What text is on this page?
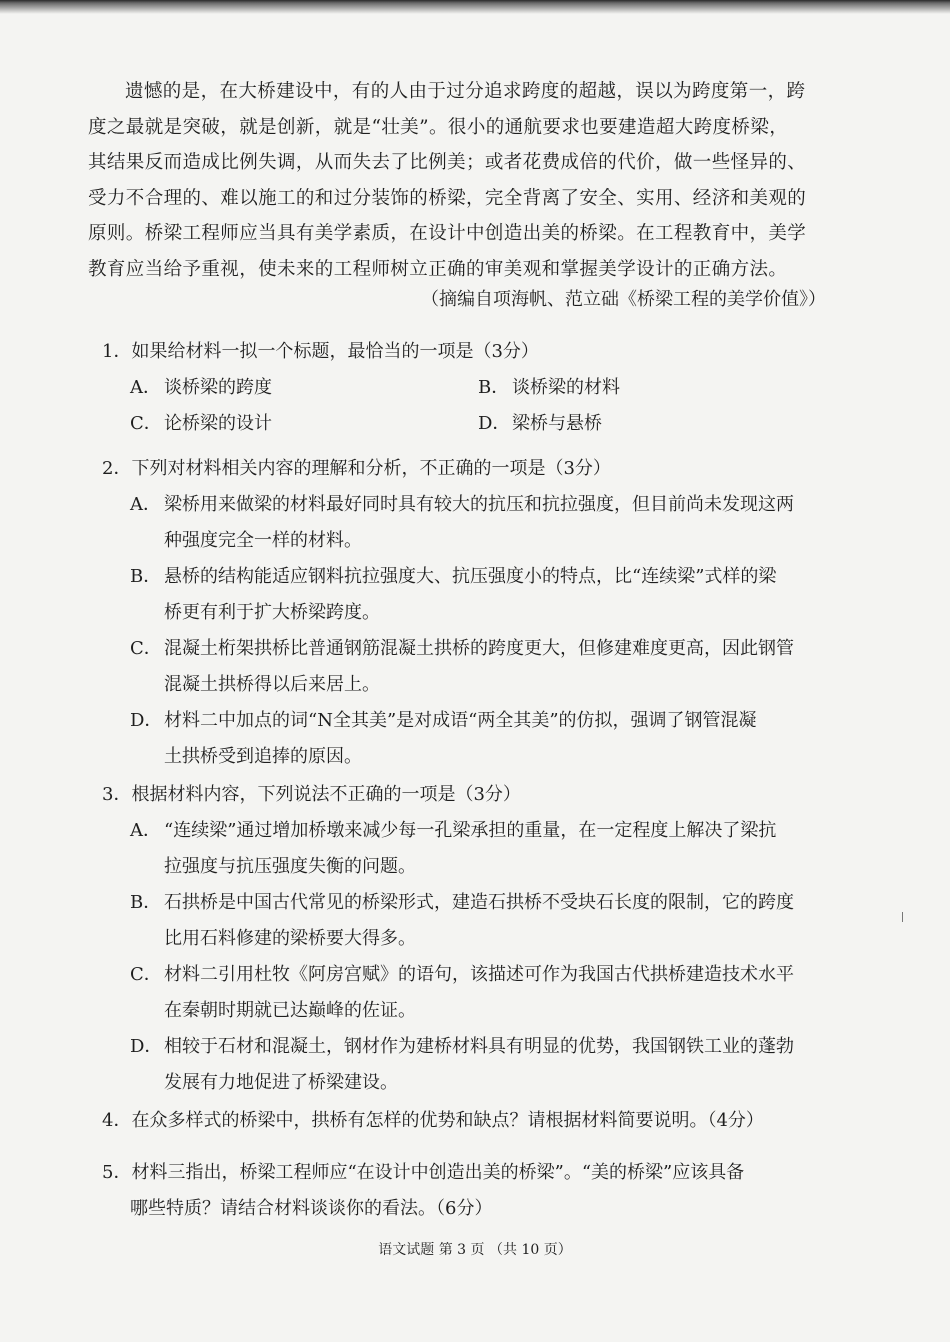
遗憾的是，在大桥建设中，有的人由于过分追求跨度的超越，误以为跨度第一，跨
度之最就是突破，就是创新，就是“壮美”。很小的通航要求也要建造超大跨度桥梁，
其结果反而造成比例失调，从而失去了比例美；或者花费成倍的代价，做一些怪异的、
受力不合理的、难以施工的和过分装饰的桥梁，完全背离了安全、实用、经济和美观的
原则。桥梁工程师应当具有美学素质，在设计中创造出美的桥梁。在工程教育中，美学
教育应当给予重视，使未来的工程师树立正确的审美观和掌握美学设计的正确方法。
（摘编自项海帆、范立础《桥梁工程的美学价值》）
1．如果给材料一拟一个标题，最恰当的一项是（3分）
A． 谈桥梁的跨度	B． 谈桥梁的材料
C． 论桥梁的设计	D．梁桥与悬桥
2．下列对材料相关内容的理解和分析，不正确的一项是（3分）
A． 梁桥用来做梁的材料最好同时具有较大的抗压和抗拉强度，但目前尚未发现这两
种强度完全一样的材料。
B． 悬桥的结构能适应钢料抗拉强度大、抗压强度小的特点，比“连续梁”式样的梁
桥更有利于扩大桥梁跨度。
C． 混凝土桁架拱桥比普通钢筋混凝土拱桥的跨度更大，但修建难度更高，因此钢管
混凝土拱桥得以后来居上。
D． 材料二中加点的词“N全其美”是对成语“两全其美”的仿拟，强调了钢管混凝
土拱桥受到追捧的原因。
3．根据材料内容，下列说法不正确的一项是（3分）
A． “连续梁”通过增加桥墩来减少每一孔梁承担的重量，在一定程度上解决了梁抗
拉强度与抗压强度失衡的问题。
B． 石拱桥是中国古代常见的桥梁形式，建造石拱桥不受块石长度的限制，它的跨度
比用石料修建的梁桥要大得多。
C． 材料二引用杜牧《阿房宫赋》的语句，该描述可作为我国古代拱桥建造技术水平
在秦朝时期就已达巅峰的佐证。
D． 相较于石材和混凝土，钢材作为建桥材料具有明显的优势，我国钢铁工业的蓬勃
发展有力地促进了桥梁建设。
4．在众多样式的桥梁中，拱桥有怎样的优势和缺点？请根据材料简要说明。（4分）
5．材料三指出，桥梁工程师应“在设计中创造出美的桥梁”。“美的桥梁”应该具备
哪些特质？请结合材料谈谈你的看法。（6分）
语文试题 第 3 页 （共 10 页）
